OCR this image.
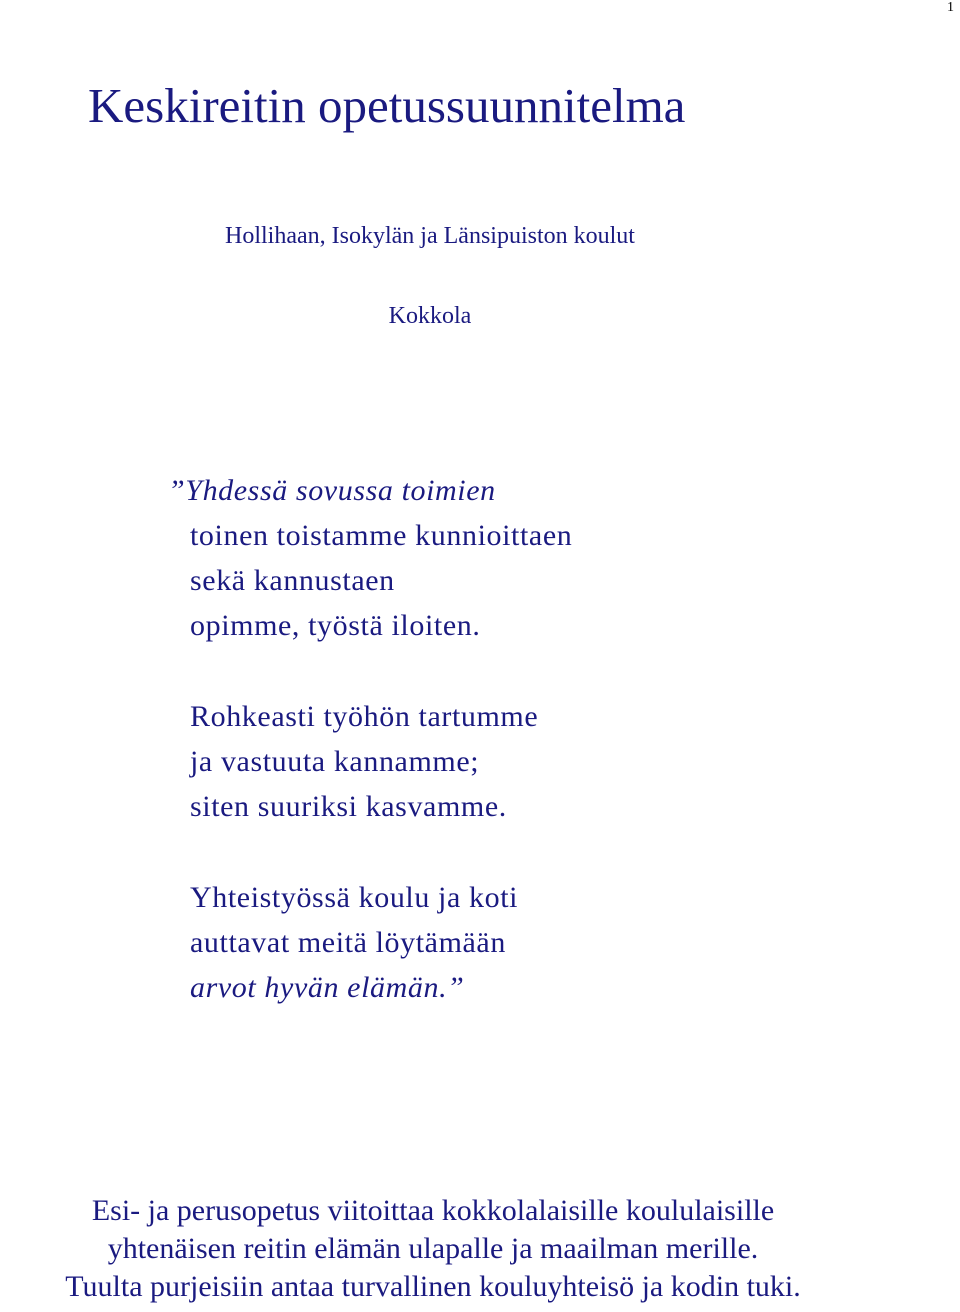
1
Keskireitin opetussuunnitelma
Hollihaan, Isokylän ja Länsipuiston koulut
Kokkola
”Yhdessä sovussa toimien
toinen toistamme kunnioittaen
sekä kannustaen
opimme, työstä iloiten.
Rohkeasti työhön tartumme
ja vastuuta kannamme;
siten suuriksi kasvamme.
Yhteistyössä koulu ja koti
auttavat meitä löytämään
arvot hyvän elämän.”
Esi- ja perusopetus viitoittaa kokkolalaisille koululaisille
yhtenäisen reitin elämän ulapalle ja maailman merille.
Tuulta purjeisiin antaa turvallinen kouluyhteisö ja kodin tuki.
